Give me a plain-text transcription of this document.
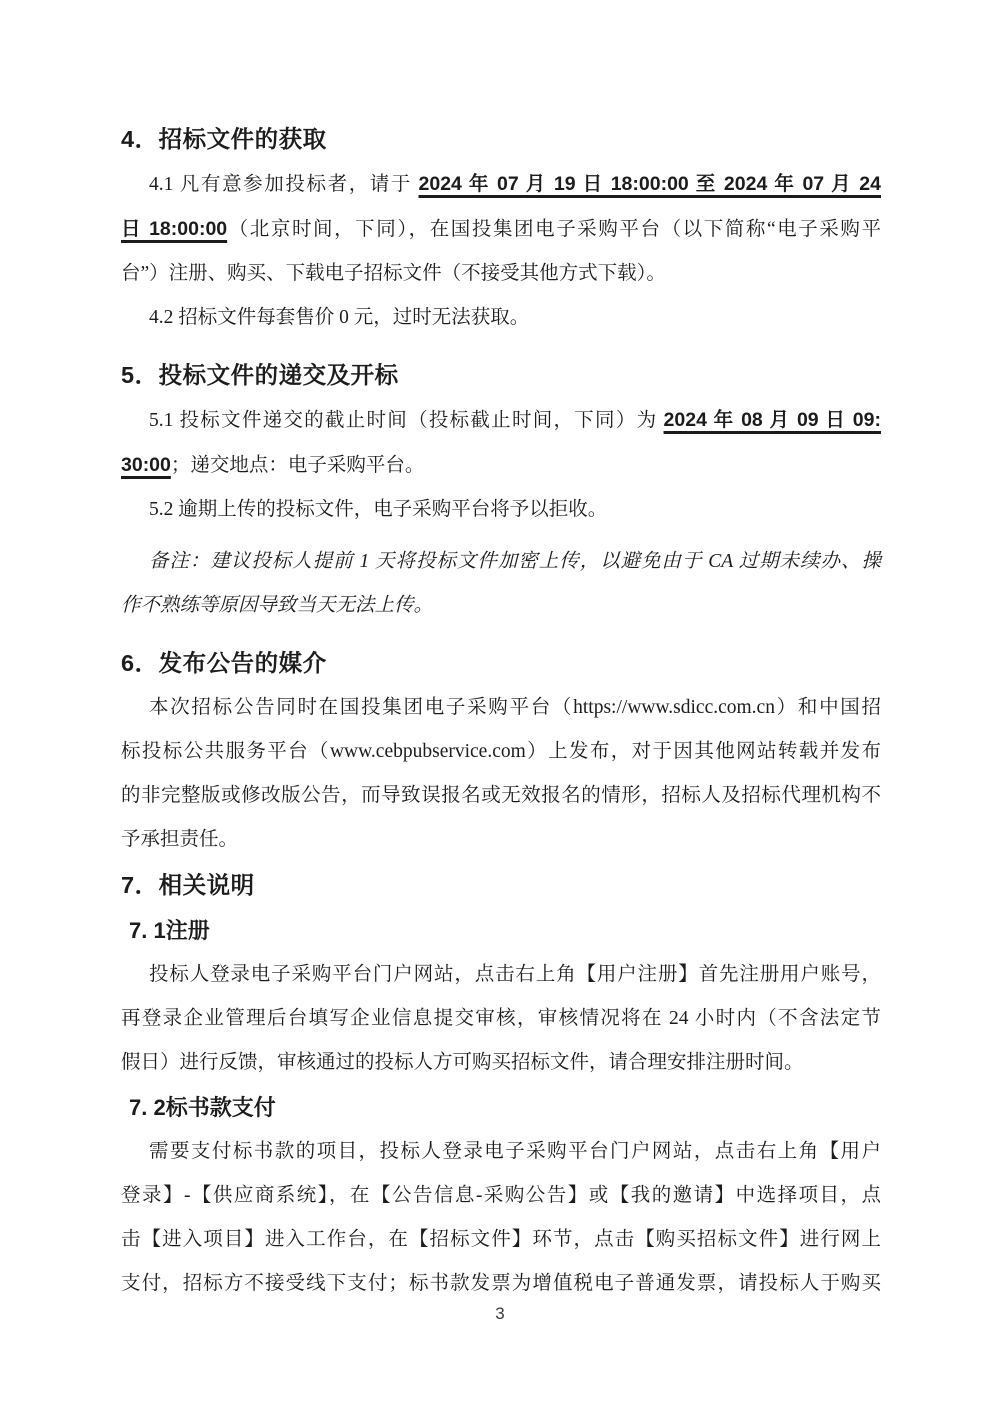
4．招标文件的获取
4.1 凡有意参加投标者，请于 2024 年 07 月 19 日 18:00:00 至 2024 年 07 月 24
日 18:00:00（北京时间，下同），在国投集团电子采购平台（以下简称“电子采购平
台”）注册、购买、下载电子招标文件（不接受其他方式下载）。
4.2 招标文件每套售价 0 元，过时无法获取。
5．投标文件的递交及开标
5.1 投标文件递交的截止时间（投标截止时间，下同）为 2024 年 08 月 09 日 09:
30:00；递交地点：电子采购平台。
5.2 逾期上传的投标文件，电子采购平台将予以拒收。
备注：建议投标人提前 1 天将投标文件加密上传，以避免由于 CA 过期未续办、操
作不熟练等原因导致当天无法上传。
6．发布公告的媒介
本次招标公告同时在国投集团电子采购平台（https://www.sdicc.com.cn）和中国招
标投标公共服务平台（www.cebpubservice.com）上发布，对于因其他网站转载并发布
的非完整版或修改版公告，而导致误报名或无效报名的情形，招标人及招标代理机构不
予承担责任。
7．相关说明
7. 1注册
投标人登录电子采购平台门户网站，点击右上角【用户注册】首先注册用户账号，
再登录企业管理后台填写企业信息提交审核，审核情况将在 24 小时内（不含法定节
假日）进行反馈，审核通过的投标人方可购买招标文件，请合理安排注册时间。
7. 2标书款支付
需要支付标书款的项目，投标人登录电子采购平台门户网站，点击右上角【用户
登录】-【供应商系统】，在【公告信息-采购公告】或【我的邀请】中选择项目，点
击【进入项目】进入工作台，在【招标文件】环节，点击【购买招标文件】进行网上
支付，招标方不接受线下支付；标书款发票为增值税电子普通发票，请投标人于购买
3
